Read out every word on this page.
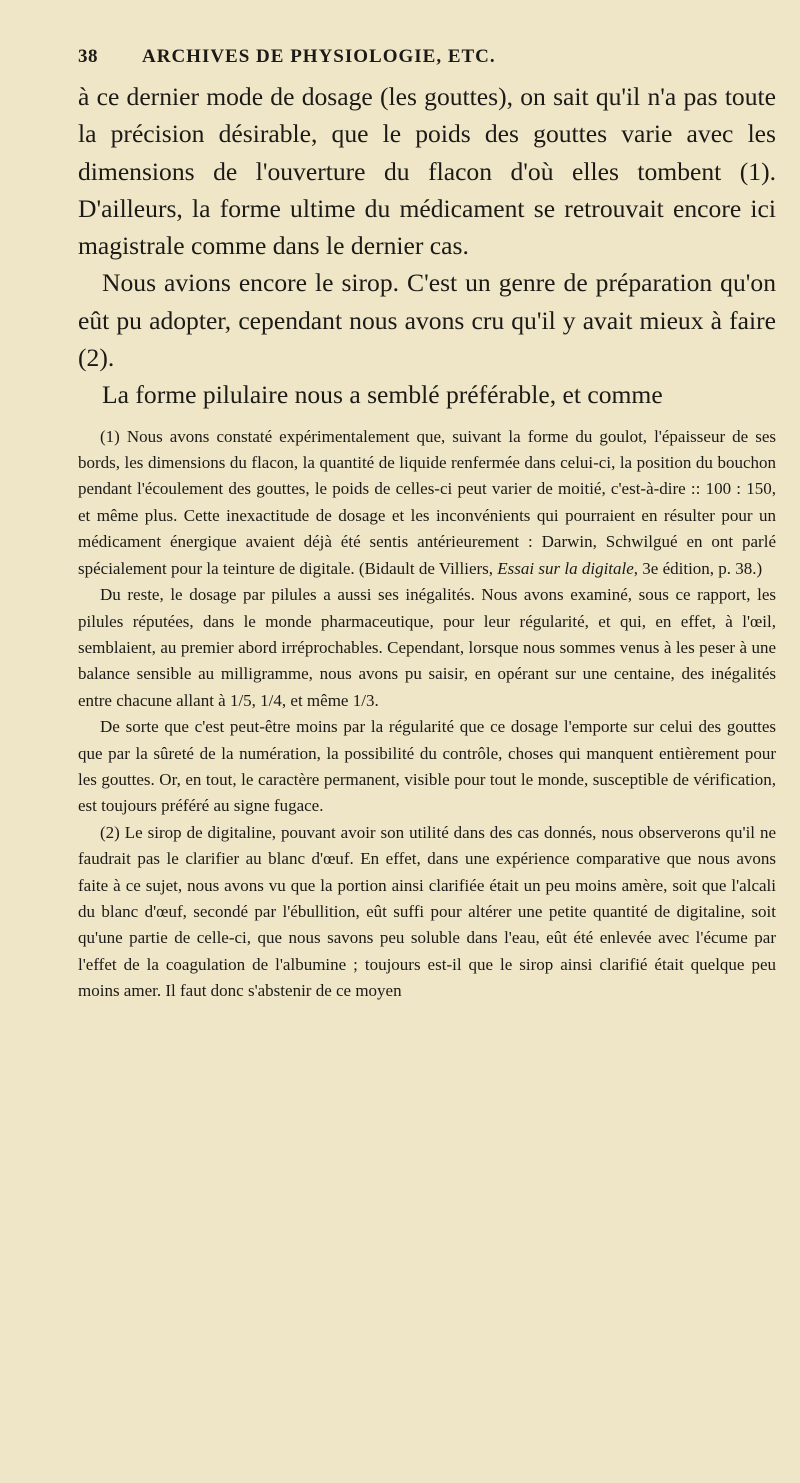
38	ARCHIVES DE PHYSIOLOGIE, ETC.

à ce dernier mode de dosage (les gouttes), on sait qu'il n'a pas toute la précision désirable, que le poids des gouttes varie avec les dimensions de l'ouverture du flacon d'où elles tombent (1). D'ailleurs, la forme ultime du médicament se retrouvait encore ici magistrale comme dans le dernier cas.

Nous avions encore le sirop. C'est un genre de préparation qu'on eût pu adopter, cependant nous avons cru qu'il y avait mieux à faire (2).

La forme pilulaire nous a semblé préférable, et comme

(1) Nous avons constaté expérimentalement que, suivant la forme du goulot, l'épaisseur de ses bords, les dimensions du flacon, la quantité de liquide renfermée dans celui-ci, la position du bouchon pendant l'écoulement des gouttes, le poids de celles-ci peut varier de moitié, c'est-à-dire :: 100 : 150, et même plus. Cette inexactitude de dosage et les inconvénients qui pourraient en résulter pour un médicament énergique avaient déjà été sentis antérieurement : Darwin, Schwilgué en ont parlé spécialement pour la teinture de digitale. (Bidault de Villiers, Essai sur la digitale, 3e édition, p. 38.)

Du reste, le dosage par pilules a aussi ses inégalités. Nous avons examiné, sous ce rapport, les pilules réputées, dans le monde pharmaceutique, pour leur régularité, et qui, en effet, à l'œil, semblaient, au premier abord irréprochables. Cependant, lorsque nous sommes venus à les peser à une balance sensible au milligramme, nous avons pu saisir, en opérant sur une centaine, des inégalités entre chacune allant à 1/5, 1/4, et même 1/3.

De sorte que c'est peut-être moins par la régularité que ce dosage l'emporte sur celui des gouttes que par la sûreté de la numération, la possibilité du contrôle, choses qui manquent entièrement pour les gouttes. Or, en tout, le caractère permanent, visible pour tout le monde, susceptible de vérification, est toujours préféré au signe fugace.

(2) Le sirop de digitaline, pouvant avoir son utilité dans des cas donnés, nous observerons qu'il ne faudrait pas le clarifier au blanc d'œuf. En effet, dans une expérience comparative que nous avons faite à ce sujet, nous avons vu que la portion ainsi clarifiée était un peu moins amère, soit que l'alcali du blanc d'œuf, secondé par l'ébullition, eût suffi pour altérer une petite quantité de digitaline, soit qu'une partie de celle-ci, que nous savons peu soluble dans l'eau, eût été enlevée avec l'écume par l'effet de la coagulation de l'albumine ; toujours est-il que le sirop ainsi clarifié était quelque peu moins amer. Il faut donc s'abstenir de ce moyen
